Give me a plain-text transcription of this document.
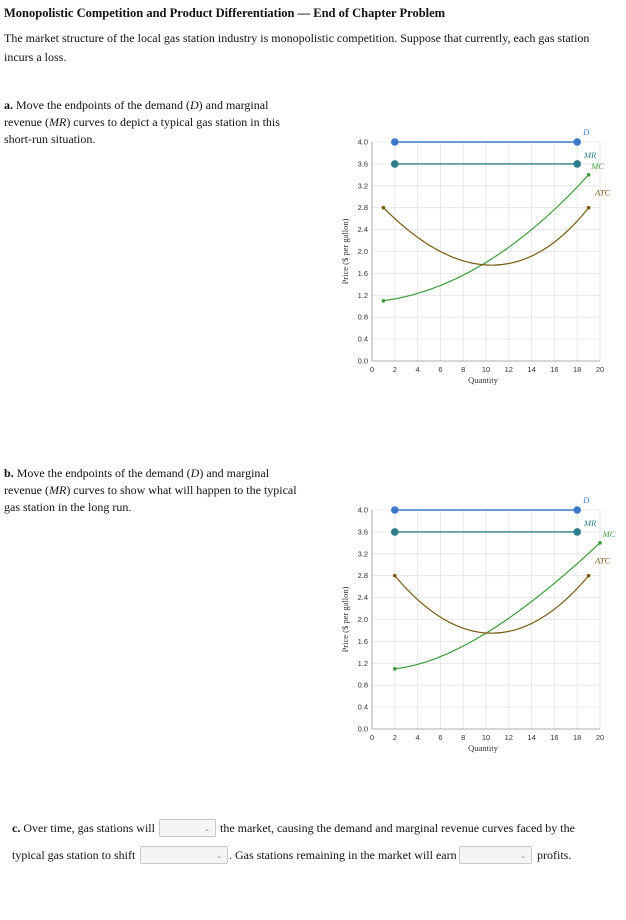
Monopolistic Competition and Product Differentiation — End of Chapter Problem
The market structure of the local gas station industry is monopolistic competition. Suppose that currently, each gas station incurs a loss.
a. Move the endpoints of the demand (D) and marginal revenue (MR) curves to depict a typical gas station in this short-run situation.
0 2 4 6 8 10 12 14 16 18 20
0.0
0.4
0.8
1.2
1.6
2.0
2.4
2.8
3.2
3.6
4.0
Quantity
Price ($ per gallon)
D
MR
MC
ATC
b. Move the endpoints of the demand (D) and marginal revenue (MR) curves to show what will happen to the typical gas station in the long run.
0 2 4 6 8 10 12 14 16 18 20
0.0
0.4
0.8
1.2
1.6
2.0
2.4
2.8
3.2
3.6
4.0
Quantity
Price ($ per gallon)
D
MR
MC
ATC
c. Over time, gas stations will	⌄ the market, causing the demand and marginal revenue curves faced by the
typical gas station to shift	⌄ . Gas stations remaining in the market will earn	⌄ profits.
